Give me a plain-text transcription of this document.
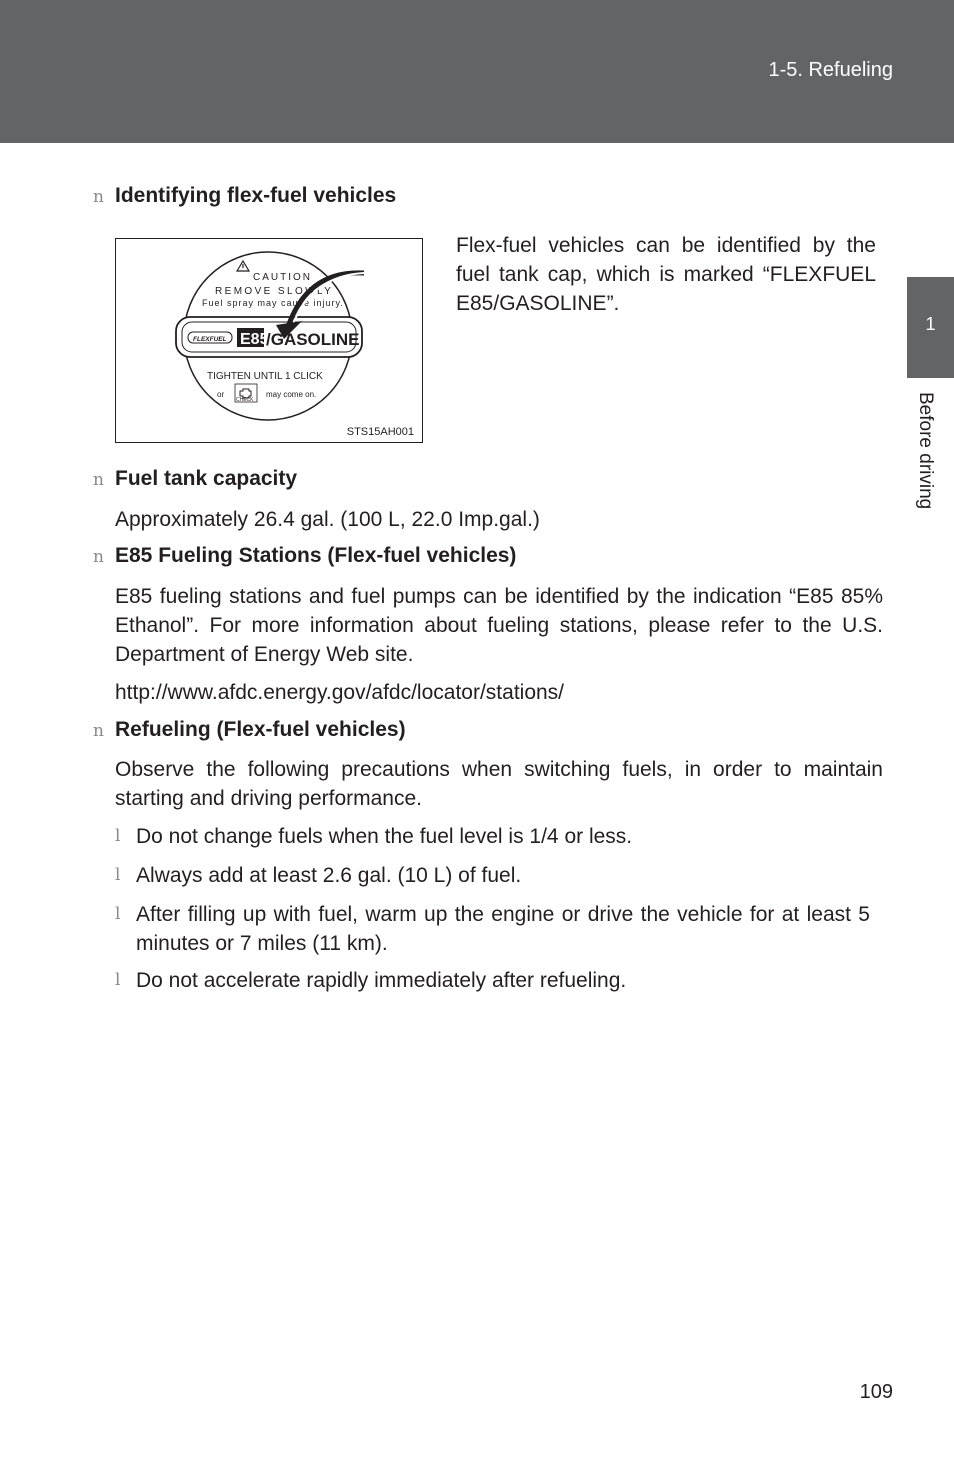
1-5. Refueling
1
Before driving
n Identifying flex-fuel vehicles
CAUTION
REMOVE SLOWLY
Fuel spray may cause injury.
FLEXFUEL E85
/GASOLINE
TIGHTEN UNTIL 1 CLICK
or
CHECK
may come on.
STS15AH001
Flex-fuel vehicles can be identified by the fuel tank cap, which is marked “FLEXFUEL E85/GASOLINE”.
n Fuel tank capacity
Approximately 26.4 gal. (100 L, 22.0 Imp.gal.)
n E85 Fueling Stations (Flex-fuel vehicles)
E85 fueling stations and fuel pumps can be identified by the indication “E85 85% Ethanol”. For more information about fueling stations, please refer to the U.S. Department of Energy Web site.
http://www.afdc.energy.gov/afdc/locator/stations/
n Refueling (Flex-fuel vehicles)
Observe the following precautions when switching fuels, in order to maintain starting and driving performance.
l Do not change fuels when the fuel level is 1/4 or less.
l Always add at least 2.6 gal. (10 L) of fuel.
l After filling up with fuel, warm up the engine or drive the vehicle for at least 5 minutes or 7 miles (11 km).
l Do not accelerate rapidly immediately after refueling.
109
